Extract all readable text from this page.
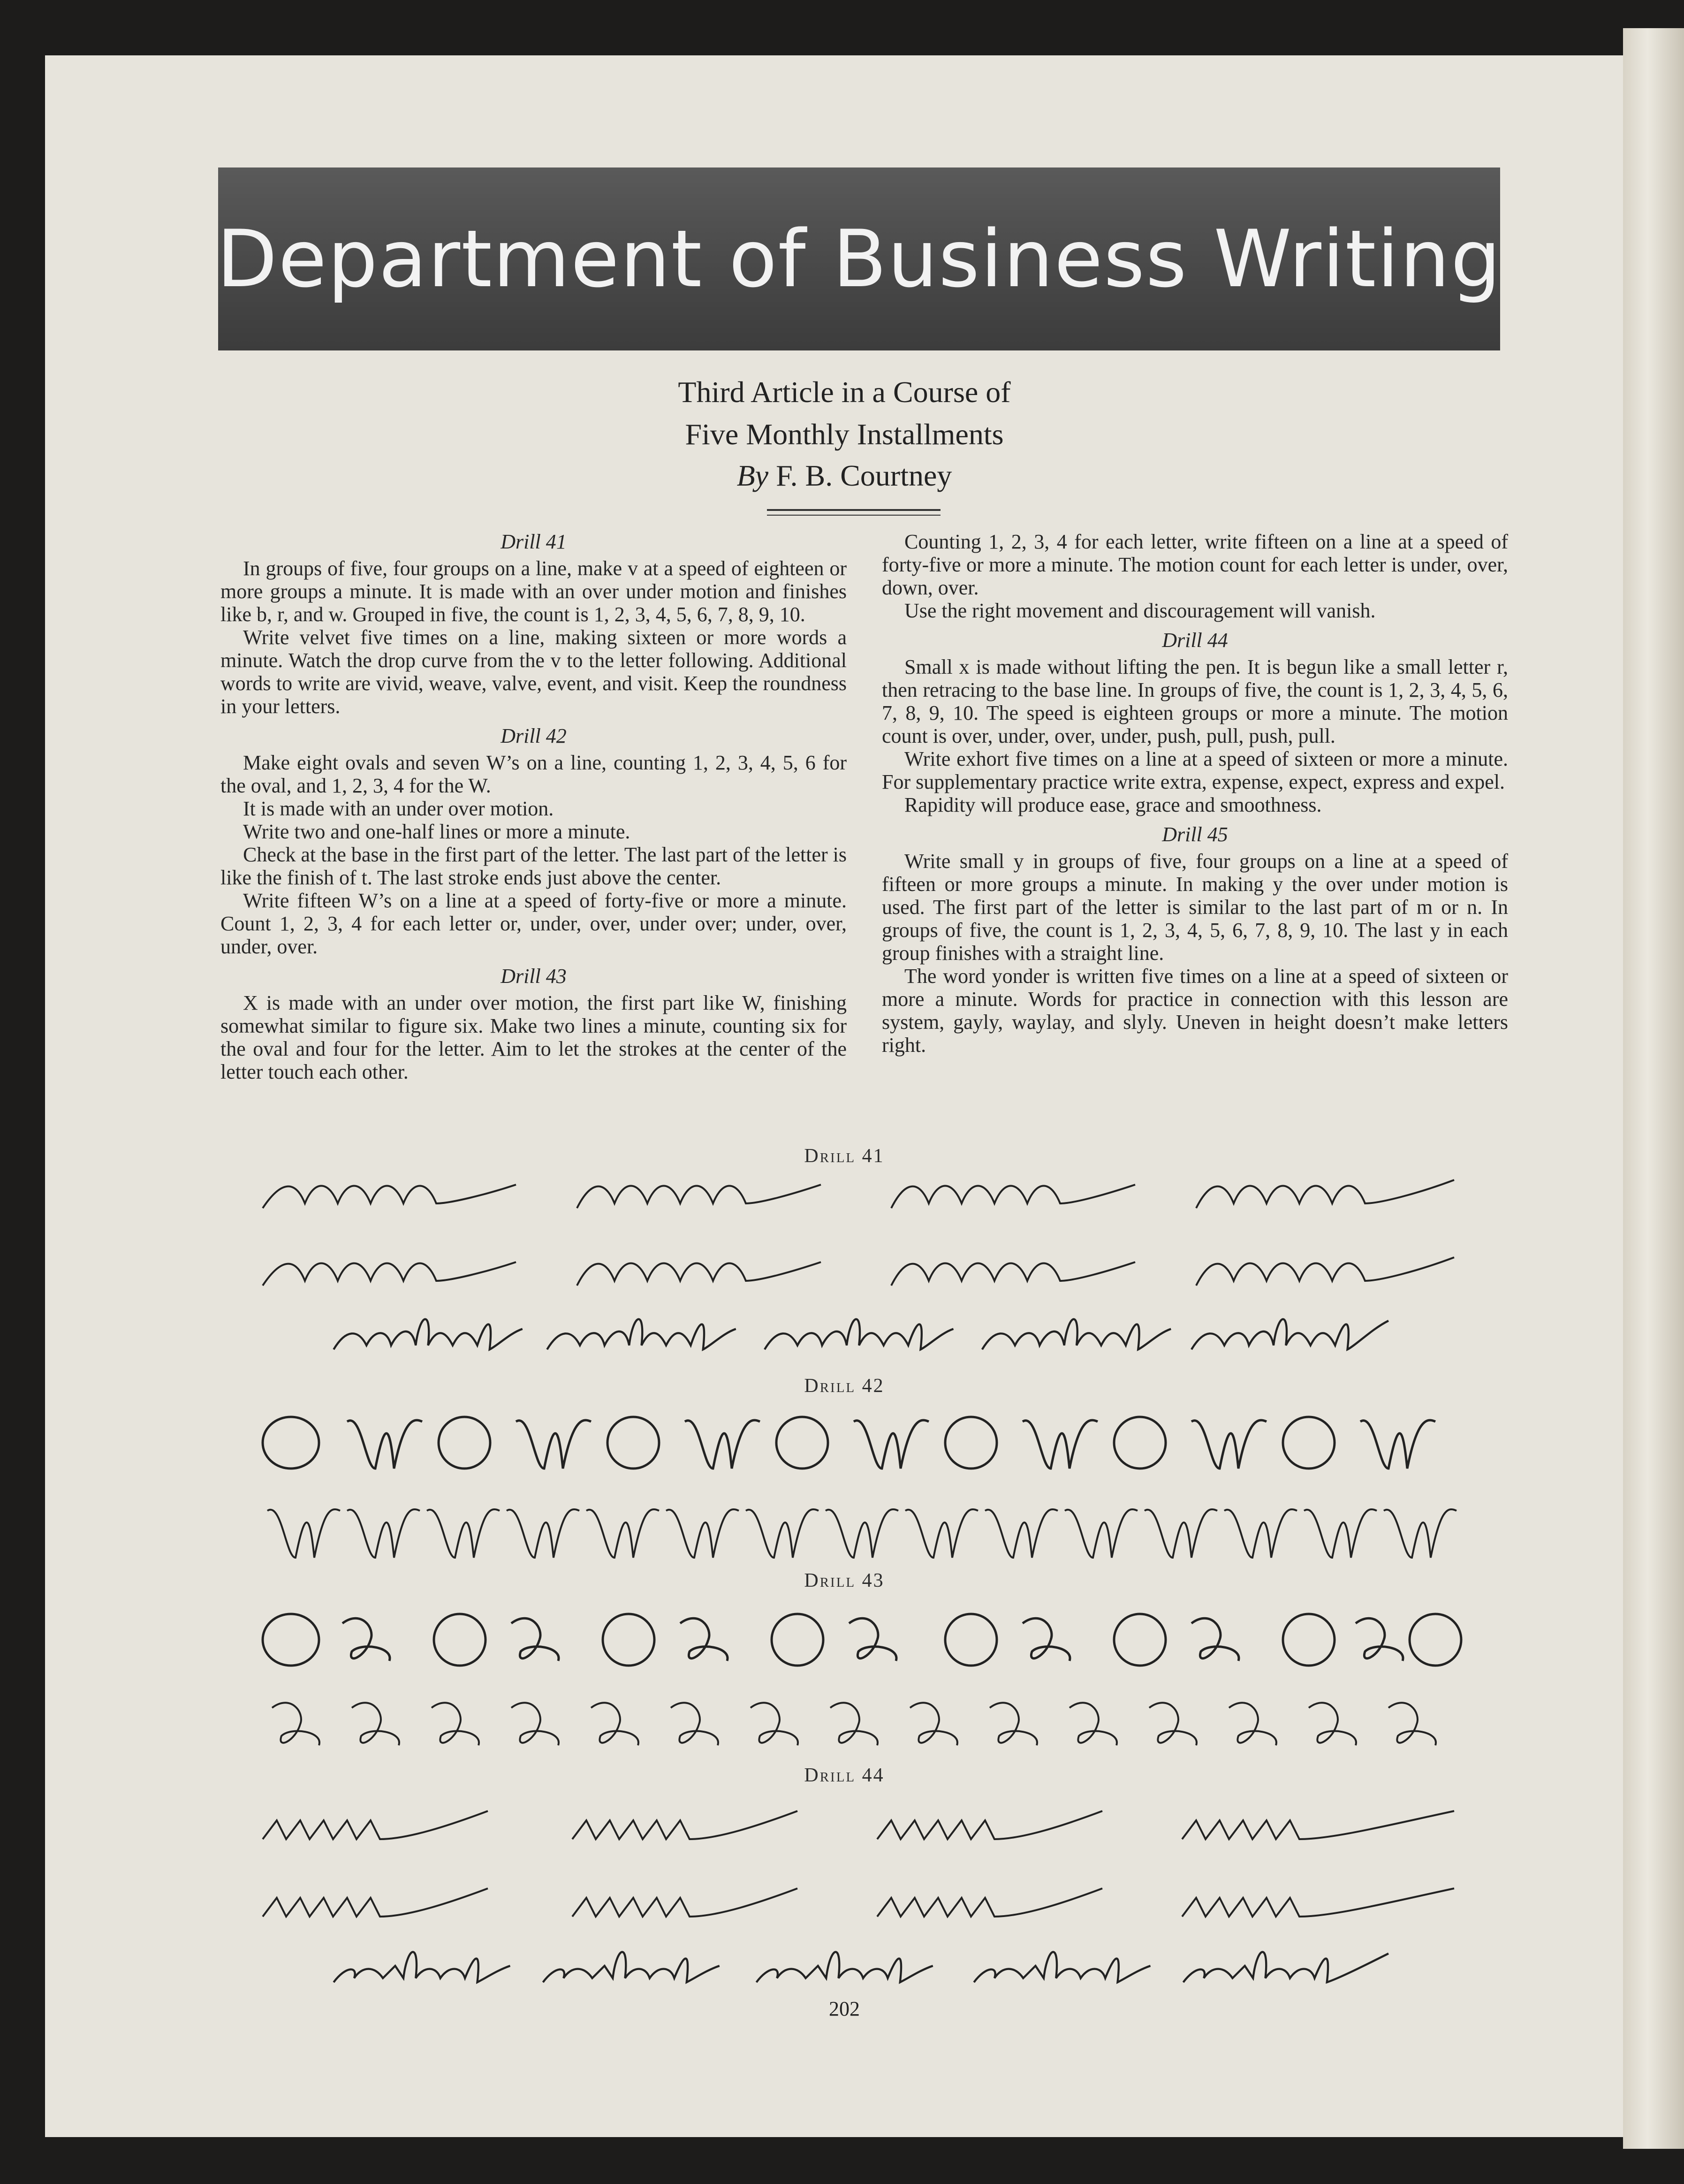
Department of Business Writing
Third Article in a Course of
Five Monthly Installments
By F. B. Courtney

Drill 41

In groups of five, four groups on a line, make v at a speed of eighteen or more groups a minute. It is made with an over under motion and finishes like b, r, and w. Grouped in five, the count is 1, 2, 3, 4, 5, 6, 7, 8, 9, 10.

Write velvet five times on a line, making sixteen or more words a minute. Watch the drop curve from the v to the letter following. Additional words to write are vivid, weave, valve, event, and visit. Keep the roundness in your letters.

Drill 42

Make eight ovals and seven W’s on a line, counting 1, 2, 3, 4, 5, 6 for the oval, and 1, 2, 3, 4 for the W.

It is made with an under over motion.

Write two and one-half lines or more a minute.

Check at the base in the first part of the letter. The last part of the letter is like the finish of t. The last stroke ends just above the center.

Write fifteen W’s on a line at a speed of forty-five or more a minute. Count 1, 2, 3, 4 for each letter or, under, over, under over; under, over, under, over.

Drill 43

X is made with an under over motion, the first part like W, finishing somewhat similar to figure six. Make two lines a minute, counting six for the oval and four for the letter. Aim to let the strokes at the center of the letter touch each other.

Counting 1, 2, 3, 4 for each letter, write fifteen on a line at a speed of forty-five or more a minute. The motion count for each letter is under, over, down, over.

Use the right movement and discouragement will vanish.

Drill 44

Small x is made without lifting the pen. It is begun like a small letter r, then retracing to the base line. In groups of five, the count is 1, 2, 3, 4, 5, 6, 7, 8, 9, 10. The speed is eighteen groups or more a minute. The motion count is over, under, over, under, push, pull, push, pull.

Write exhort five times on a line at a speed of sixteen or more a minute. For supplementary practice write extra, expense, expect, express and expel.

Rapidity will produce ease, grace and smoothness.

Drill 45

Write small y in groups of five, four groups on a line at a speed of fifteen or more groups a minute. In making y the over under motion is used. The first part of the letter is similar to the last part of m or n. In groups of five, the count is 1, 2, 3, 4, 5, 6, 7, 8, 9, 10. The last y in each group finishes with a straight line.

The word yonder is written five times on a line at a speed of sixteen or more a minute. Words for practice in connection with this lesson are system, gayly, waylay, and slyly. Uneven in height doesn’t make letters right.

Drill 41
Drill 42
Drill 43
Drill 44
202
